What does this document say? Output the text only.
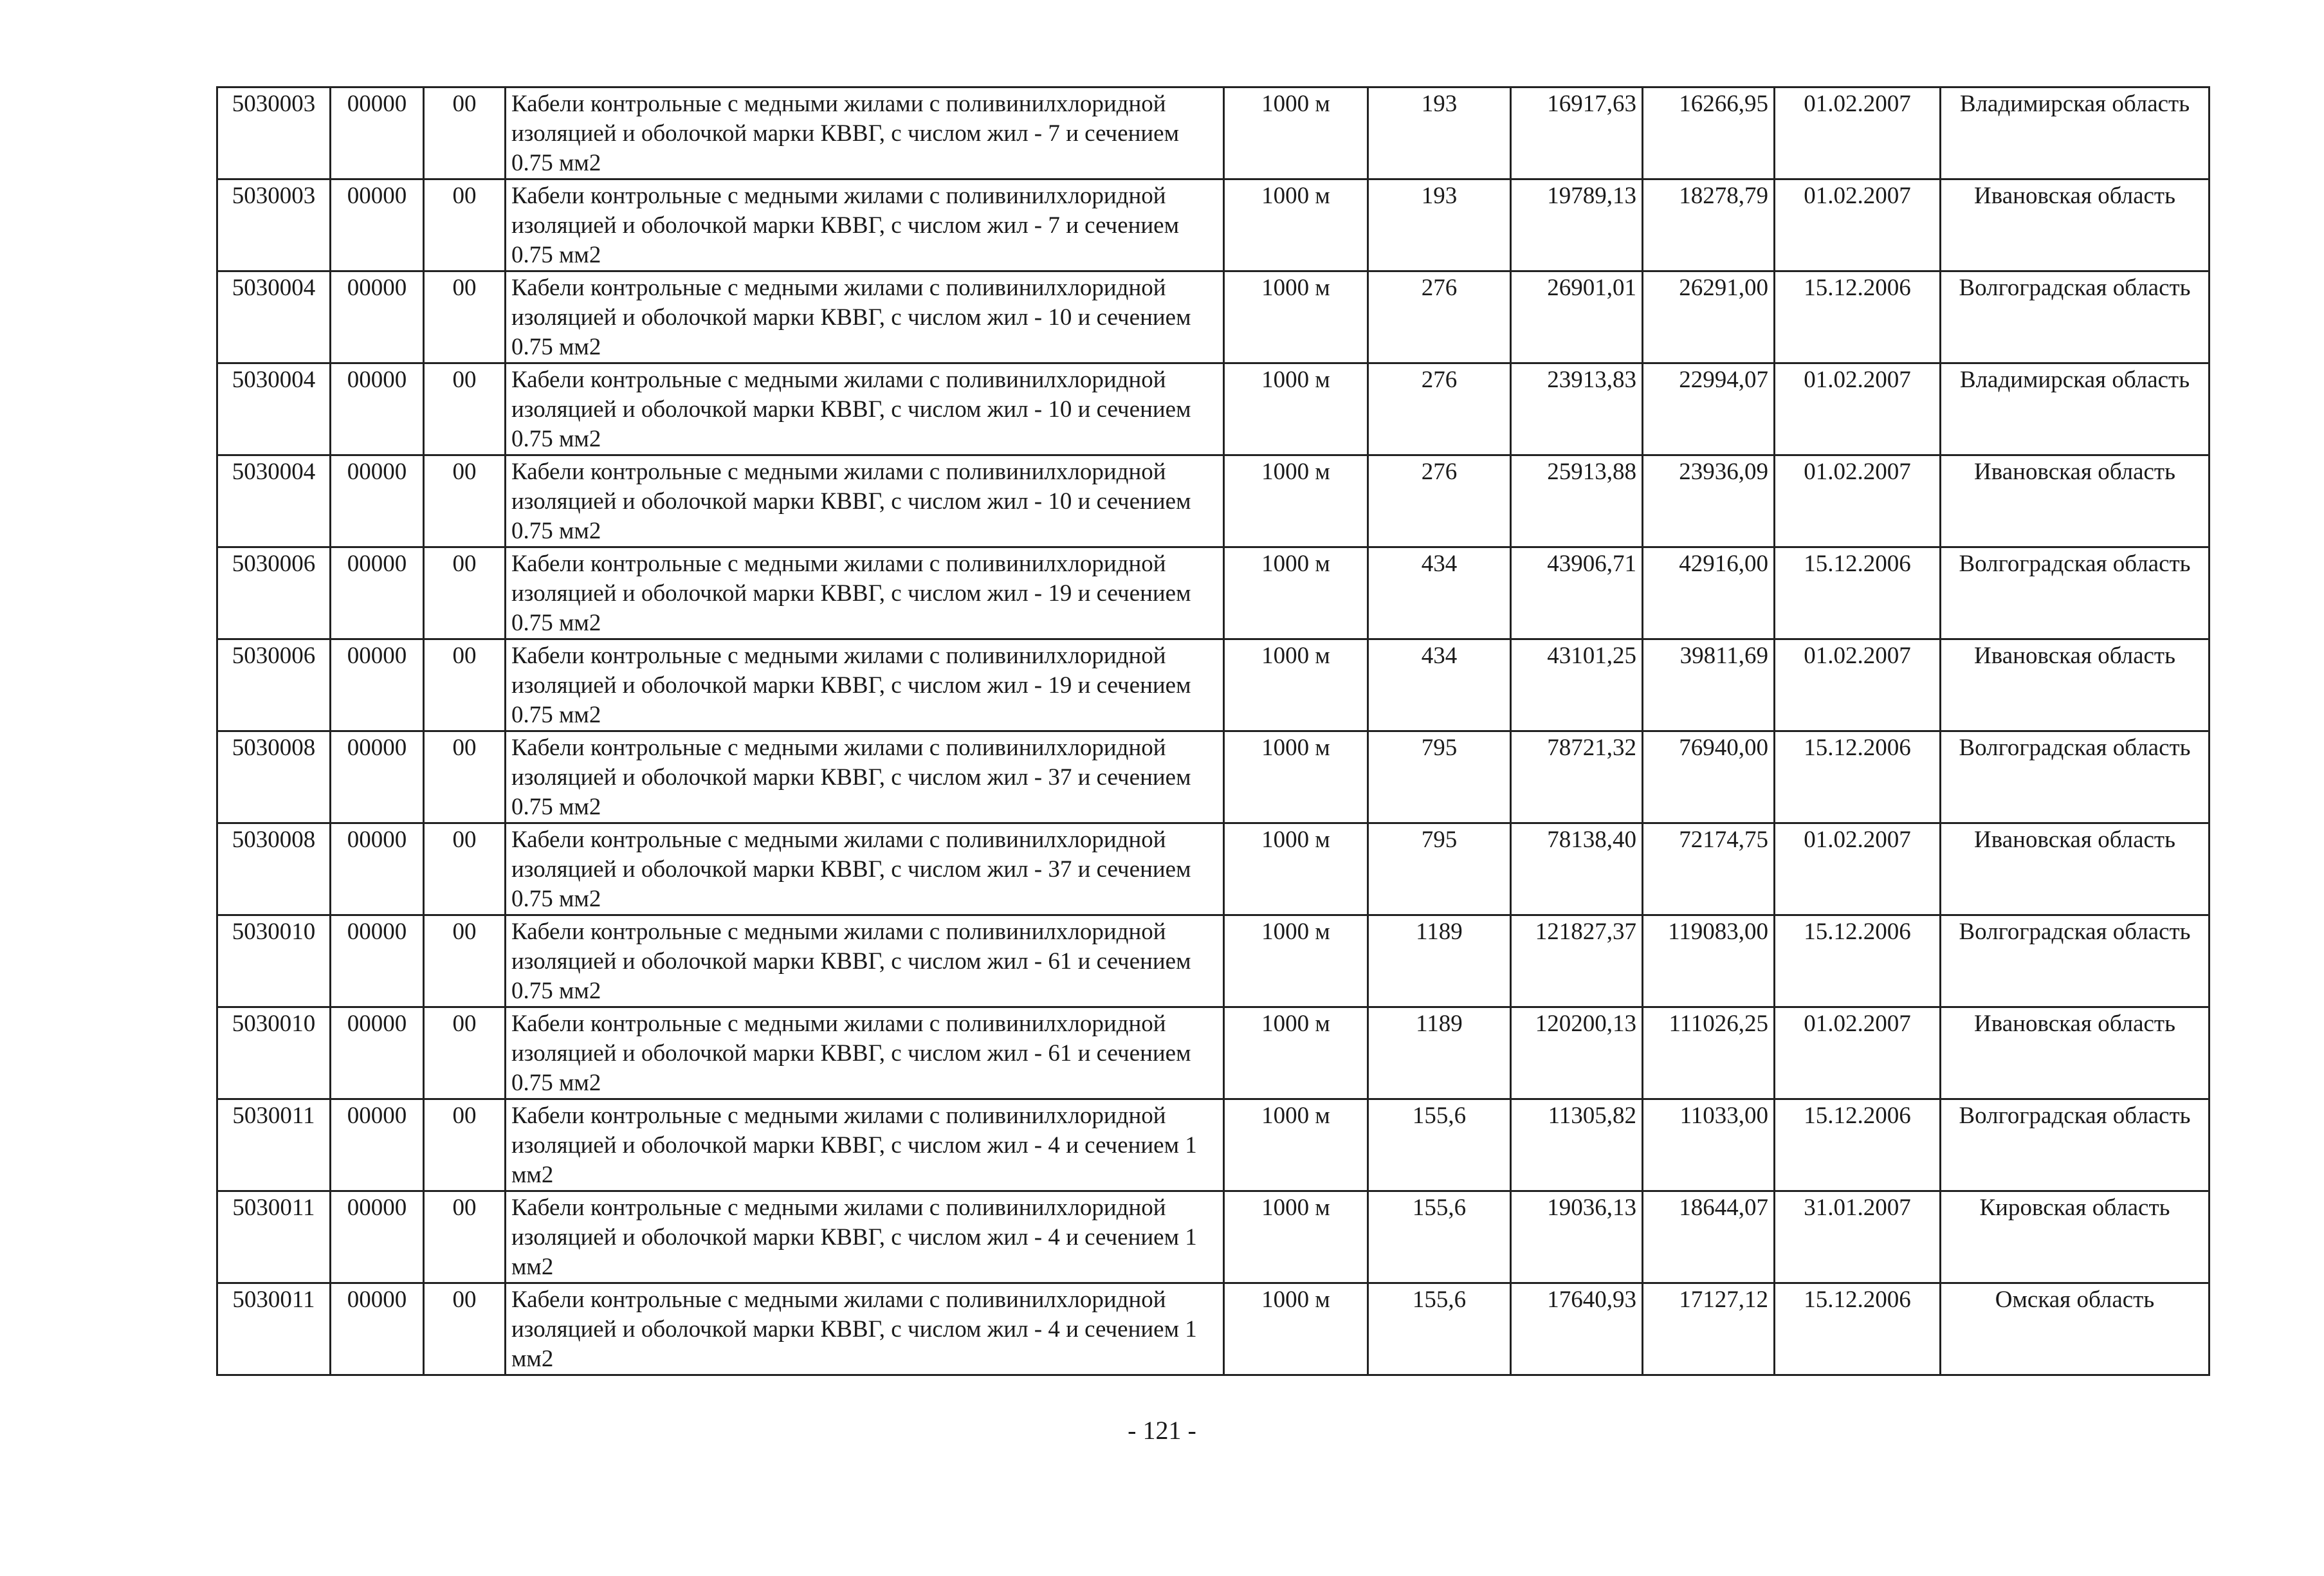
5030003	00000	00	Кабели контрольные с медными жилами с поливинилхлоридной изоляцией и оболочкой марки КВВГ, с числом жил - 7 и сечением 0.75 мм2	1000 м	193	16917,63	16266,95	01.02.2007	Владимирская область
5030003	00000	00	Кабели контрольные с медными жилами с поливинилхлоридной изоляцией и оболочкой марки КВВГ, с числом жил - 7 и сечением 0.75 мм2	1000 м	193	19789,13	18278,79	01.02.2007	Ивановская область
5030004	00000	00	Кабели контрольные с медными жилами с поливинилхлоридной изоляцией и оболочкой марки КВВГ, с числом жил - 10 и сечением 0.75 мм2	1000 м	276	26901,01	26291,00	15.12.2006	Волгоградская область
5030004	00000	00	Кабели контрольные с медными жилами с поливинилхлоридной изоляцией и оболочкой марки КВВГ, с числом жил - 10 и сечением 0.75 мм2	1000 м	276	23913,83	22994,07	01.02.2007	Владимирская область
5030004	00000	00	Кабели контрольные с медными жилами с поливинилхлоридной изоляцией и оболочкой марки КВВГ, с числом жил - 10 и сечением 0.75 мм2	1000 м	276	25913,88	23936,09	01.02.2007	Ивановская область
5030006	00000	00	Кабели контрольные с медными жилами с поливинилхлоридной изоляцией и оболочкой марки КВВГ, с числом жил - 19 и сечением 0.75 мм2	1000 м	434	43906,71	42916,00	15.12.2006	Волгоградская область
5030006	00000	00	Кабели контрольные с медными жилами с поливинилхлоридной изоляцией и оболочкой марки КВВГ, с числом жил - 19 и сечением 0.75 мм2	1000 м	434	43101,25	39811,69	01.02.2007	Ивановская область
5030008	00000	00	Кабели контрольные с медными жилами с поливинилхлоридной изоляцией и оболочкой марки КВВГ, с числом жил - 37 и сечением 0.75 мм2	1000 м	795	78721,32	76940,00	15.12.2006	Волгоградская область
5030008	00000	00	Кабели контрольные с медными жилами с поливинилхлоридной изоляцией и оболочкой марки КВВГ, с числом жил - 37 и сечением 0.75 мм2	1000 м	795	78138,40	72174,75	01.02.2007	Ивановская область
5030010	00000	00	Кабели контрольные с медными жилами с поливинилхлоридной изоляцией и оболочкой марки КВВГ, с числом жил - 61 и сечением 0.75 мм2	1000 м	1189	121827,37	119083,00	15.12.2006	Волгоградская область
5030010	00000	00	Кабели контрольные с медными жилами с поливинилхлоридной изоляцией и оболочкой марки КВВГ, с числом жил - 61 и сечением 0.75 мм2	1000 м	1189	120200,13	111026,25	01.02.2007	Ивановская область
5030011	00000	00	Кабели контрольные с медными жилами с поливинилхлоридной изоляцией и оболочкой марки КВВГ, с числом жил - 4 и сечением 1 мм2	1000 м	155,6	11305,82	11033,00	15.12.2006	Волгоградская область
5030011	00000	00	Кабели контрольные с медными жилами с поливинилхлоридной изоляцией и оболочкой марки КВВГ, с числом жил - 4 и сечением 1 мм2	1000 м	155,6	19036,13	18644,07	31.01.2007	Кировская область
5030011	00000	00	Кабели контрольные с медными жилами с поливинилхлоридной изоляцией и оболочкой марки КВВГ, с числом жил - 4 и сечением 1 мм2	1000 м	155,6	17640,93	17127,12	15.12.2006	Омская область
- 121 -
